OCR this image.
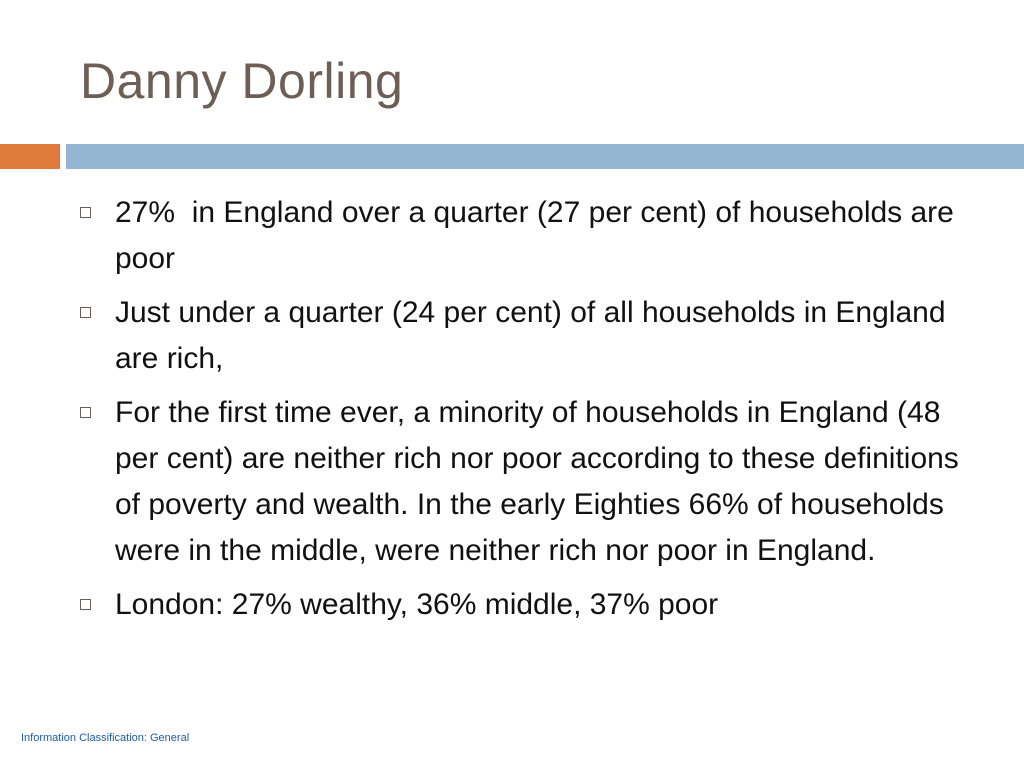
Danny Dorling
27%  in England over a quarter (27 per cent) of households are poor
Just under a quarter (24 per cent) of all households in England are rich,
For the first time ever, a minority of households in England (48 per cent) are neither rich nor poor according to these definitions of poverty and wealth. In the early Eighties 66% of households were in the middle, were neither rich nor poor in England.
London: 27% wealthy, 36% middle, 37% poor
Information Classification: General
